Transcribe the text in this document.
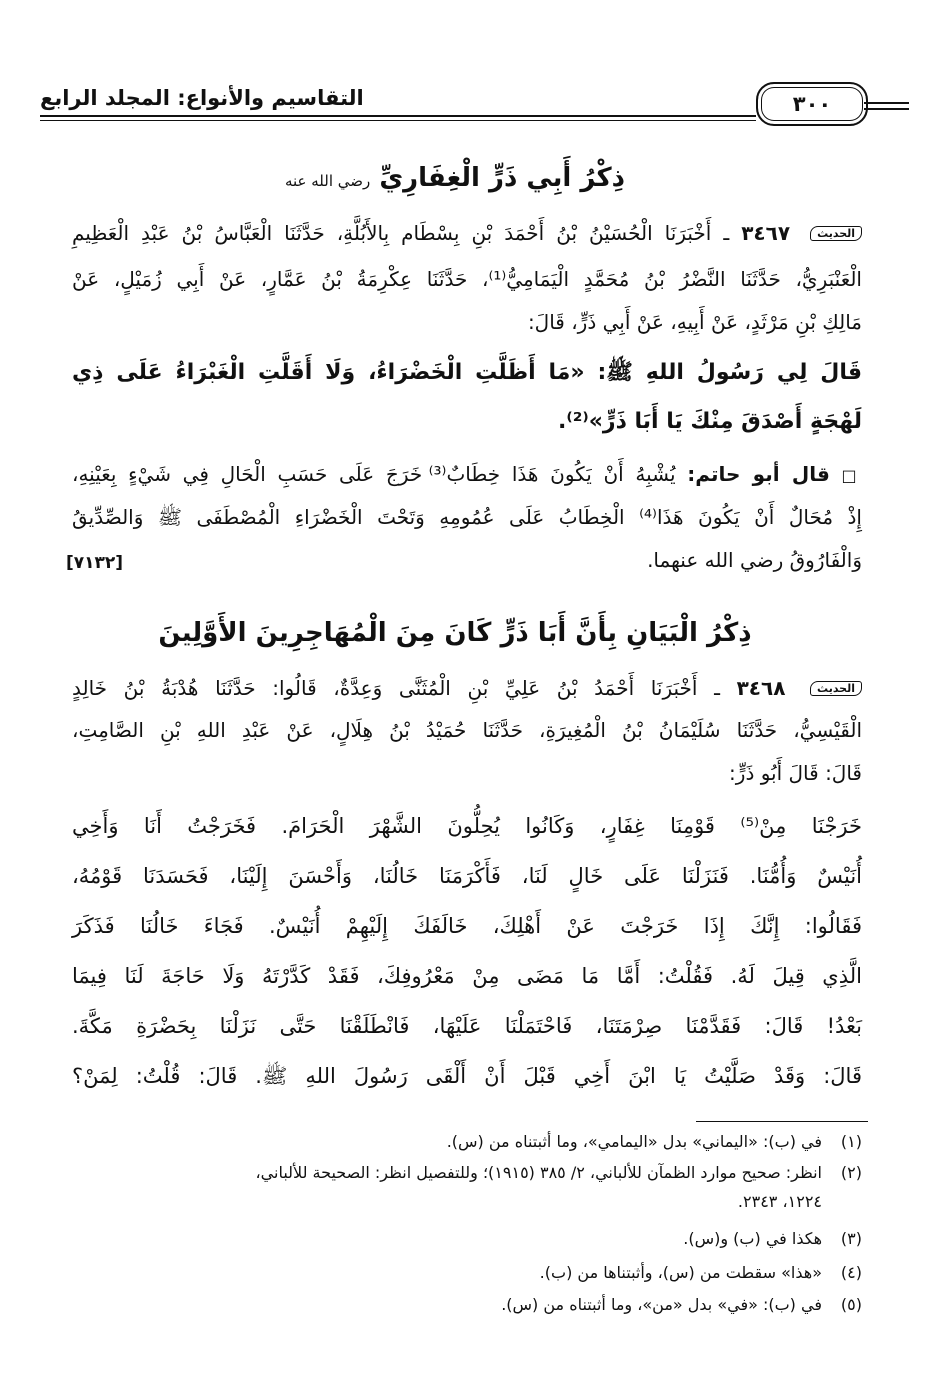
التقاسيم والأنواع: المجلد الرابع	٣٠٠
ذِكْرُ أَبِي ذَرٍّ الْغِفَارِيِّ رضي الله عنه
الحديث ٣٤٦٧ ـ أَخْبَرَنَا الْحُسَيْنُ بْنُ أَحْمَدَ بْنِ بِسْطَام بِالأَبُلَّةِ، حَدَّثَنَا الْعَبَّاسُ بْنُ عَبْدِ الْعَظِيمِ
الْعَنْبَرِيُّ، حَدَّثَنَا النَّضْرُ بْنُ مُحَمَّدٍ الْيَمَامِيُّ⁽¹⁾، حَدَّثَنَا عِكْرِمَةُ بْنُ عَمَّارٍ، عَنْ أَبِي زُمَيْلٍ، عَنْ
مَالِكِ بْنِ مَرْثَدٍ، عَنْ أَبِيهِ، عَنْ أَبِي ذَرٍّ، قَالَ:
قَالَ لِي رَسُولُ اللهِ ﷺ: «مَا أَظَلَّتِ الْخَضْرَاءُ، وَلَا أَقَلَّتِ الْغَبْرَاءُ عَلَى ذِي
لَهْجَةٍ أَصْدَقَ مِنْكَ يَا أَبَا ذَرٍّ»⁽²⁾.
□ قال أبو حاتم: يُشْبِهُ أَنْ يَكُونَ هَذَا خِطَابٌ⁽³⁾ خَرَجَ عَلَى حَسَبِ الْحَالِ فِي شَيْءٍ بِعَيْنِهِ،
إِذْ مُحَالٌ أَنْ يَكُونَ هَذَا⁽⁴⁾ الْخِطَابُ عَلَى عُمُومِهِ وَتَحْتَ الْخَضْرَاءِ الْمُصْطَفَى ﷺ وَالصِّدِّيقُ
وَالْفَارُوقُ رضي الله عنهما.
[٧١٣٢]
ذِكْرُ الْبَيَانِ بِأَنَّ أَبَا ذَرٍّ كَانَ مِنَ الْمُهَاجِرِينَ الأَوَّلِينَ
الحديث ٣٤٦٨ ـ أَخْبَرَنَا أَحْمَدُ بْنُ عَلِيِّ بْنِ الْمُثَنَّى وَعِدَّةٌ، قَالُوا: حَدَّثَنَا هُدْبَةُ بْنُ خَالِدٍ
الْقَيْسِيُّ، حَدَّثَنَا سُلَيْمَانُ بْنُ الْمُغِيرَةِ، حَدَّثَنَا حُمَيْدُ بْنُ هِلَالٍ، عَنْ عَبْدِ اللهِ بْنِ الصَّامِتِ،
قَالَ: قَالَ أَبُو ذَرٍّ:
خَرَجْنَا مِنْ⁽⁵⁾ قَوْمِنَا غِفَارٍ، وَكَانُوا يُحِلُّونَ الشَّهْرَ الْحَرَامَ. فَخَرَجْتُ أَنَا وَأَخِي
أُنَيْسٌ وَأُمُّنَا. فَنَزَلْنَا عَلَى خَالٍ لَنَا، فَأَكْرَمَنَا خَالُنَا، وَأَحْسَنَ إِلَيْنَا، فَحَسَدَنَا قَوْمُهُ،
فَقَالُوا: إِنَّكَ إِذَا خَرَجْتَ عَنْ أَهْلِكَ، خَالَفَكَ إِلَيْهِمْ أُنَيْسٌ. فَجَاءَ خَالُنَا فَذَكَرَ
الَّذِي قِيلَ لَهُ. فَقُلْتُ: أَمَّا مَا مَضَى مِنْ مَعْرُوفِكَ، فَقَدْ كَدَّرْتَهُ وَلَا حَاجَةَ لَنَا فِيمَا
بَعْدُ! قَالَ: فَقَدَّمْنَا صِرْمَتَنَا، فَاحْتَمَلْنَا عَلَيْهَا، فَانْطَلَقْنَا حَتَّى نَزَلْنَا بِحَضْرَةِ مَكَّةَ.
قَالَ: وَقَدْ صَلَّيْتُ يَا ابْنَ أَخِي قَبْلَ أَنْ أَلْقَى رَسُولَ اللهِ ﷺ. قَالَ: قُلْتُ: لِمَنْ؟
(١)في (ب): «اليماني» بدل «اليمامي»، وما أثبتناه من (س).
(٢)انظر: صحيح موارد الظمآن للألباني، ٢/ ٣٨٥ (١٩١٥)؛ وللتفصيل انظر: الصحيحة للألباني،
١٢٢٤، ٢٣٤٣.
(٣)هكذا في (ب) و(س).
(٤)«هذا» سقطت من (س)، وأثبتناها من (ب).
(٥)في (ب): «في» بدل «من»، وما أثبتناه من (س).
